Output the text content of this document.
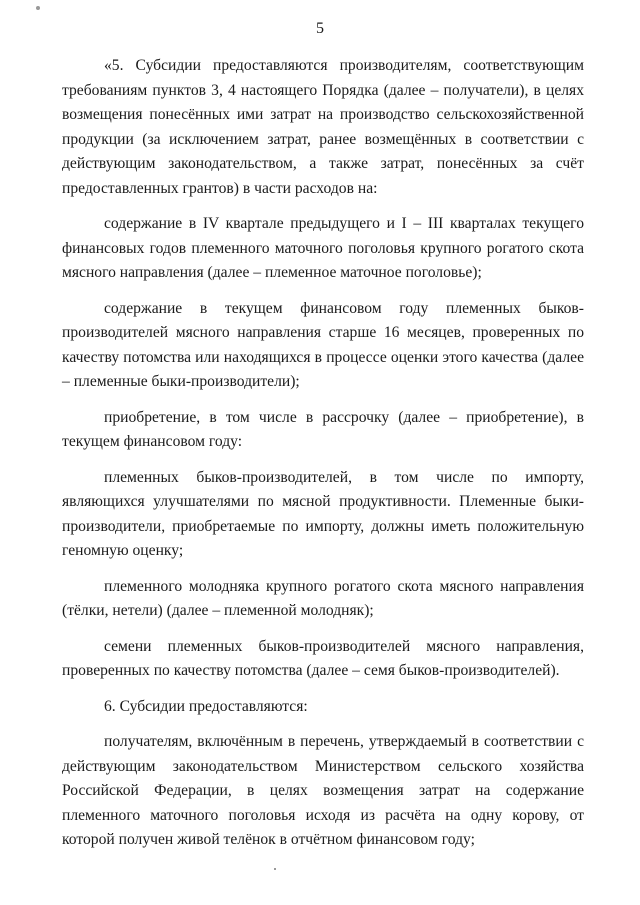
5

«5. Субсидии предоставляются производителям, соответствующим требованиям пунктов 3, 4 настоящего Порядка (далее – получатели), в целях возмещения понесённых ими затрат на производство сельскохозяйственной продукции (за исключением затрат, ранее возмещённых в соответствии с действующим законодательством, а также затрат, понесённых за счёт предоставленных грантов) в части расходов на:

содержание в IV квартале предыдущего и I – III кварталах текущего финансовых годов племенного маточного поголовья крупного рогатого скота мясного направления (далее – племенное маточное поголовье);

содержание в текущем финансовом году племенных быков-производителей мясного направления старше 16 месяцев, проверенных по качеству потомства или находящихся в процессе оценки этого качества (далее – племенные быки-производители);

приобретение, в том числе в рассрочку (далее – приобретение), в текущем финансовом году:

племенных быков-производителей, в том числе по импорту, являющихся улучшателями по мясной продуктивности. Племенные быки-производители, приобретаемые по импорту, должны иметь положительную геномную оценку;

племенного молодняка крупного рогатого скота мясного направления (тёлки, нетели) (далее – племенной молодняк);

семени племенных быков-производителей мясного направления, проверенных по качеству потомства (далее – семя быков-производителей).

6. Субсидии предоставляются:

получателям, включённым в перечень, утверждаемый в соответствии с действующим законодательством Министерством сельского хозяйства Российской Федерации, в целях возмещения затрат на содержание племенного маточного поголовья исходя из расчёта на одну корову, от которой получен живой телёнок в отчётном финансовом году;
